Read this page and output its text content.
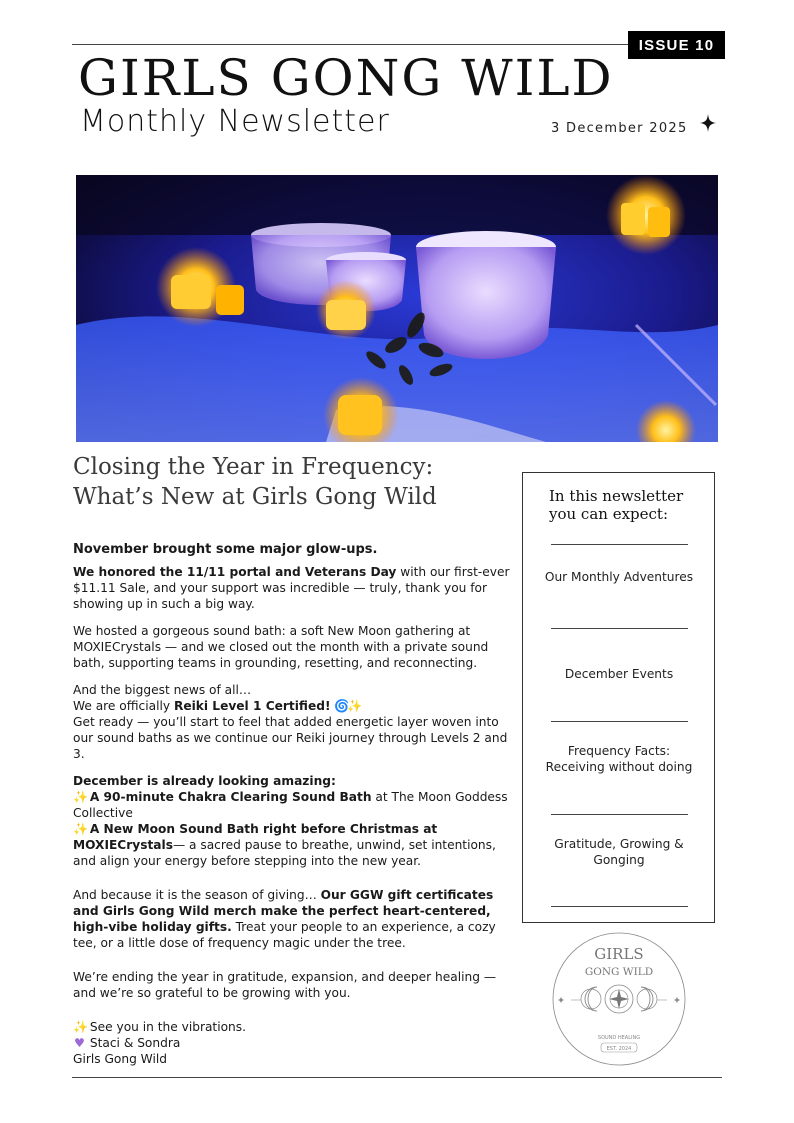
ISSUE 10
GIRLS GONG WILD
Monthly Newsletter	3 December 2025
Closing the Year in Frequency:
What’s New at Girls Gong Wild

November brought some major glow-ups.

We honored the 11/11 portal and Veterans Day with our first-ever $11.11 Sale, and your support was incredible — truly, thank you for showing up in such a big way.

We hosted a gorgeous sound bath: a soft New Moon gathering at MOXIECrystals — and we closed out the month with a private sound bath, supporting teams in grounding, resetting, and reconnecting.

And the biggest news of all…
We are officially Reiki Level 1 Certified! 🌀✨
Get ready — you’ll start to feel that added energetic layer woven into our sound baths as we continue our Reiki journey through Levels 2 and 3.

December is already looking amazing:
✨ A 90-minute Chakra Clearing Sound Bath at The Moon Goddess Collective
✨ A New Moon Sound Bath right before Christmas at MOXIECrystals— a sacred pause to breathe, unwind, set intentions, and align your energy before stepping into the new year.

And because it is the season of giving… Our GGW gift certificates and Girls Gong Wild merch make the perfect heart-centered, high-vibe holiday gifts. Treat your people to an experience, a cozy tee, or a little dose of frequency magic under the tree.

We’re ending the year in gratitude, expansion, and deeper healing — and we’re so grateful to be growing with you.

✨ See you in the vibrations.
♥ Staci & Sondra
Girls Gong Wild

In this newsletter you can expect:
Our Monthly Adventures
December Events
Frequency Facts: Receiving without doing
Gratitude, Growing & Gonging
GIRLS
GONG WILD
SOUND HEALING
EST. 2024
